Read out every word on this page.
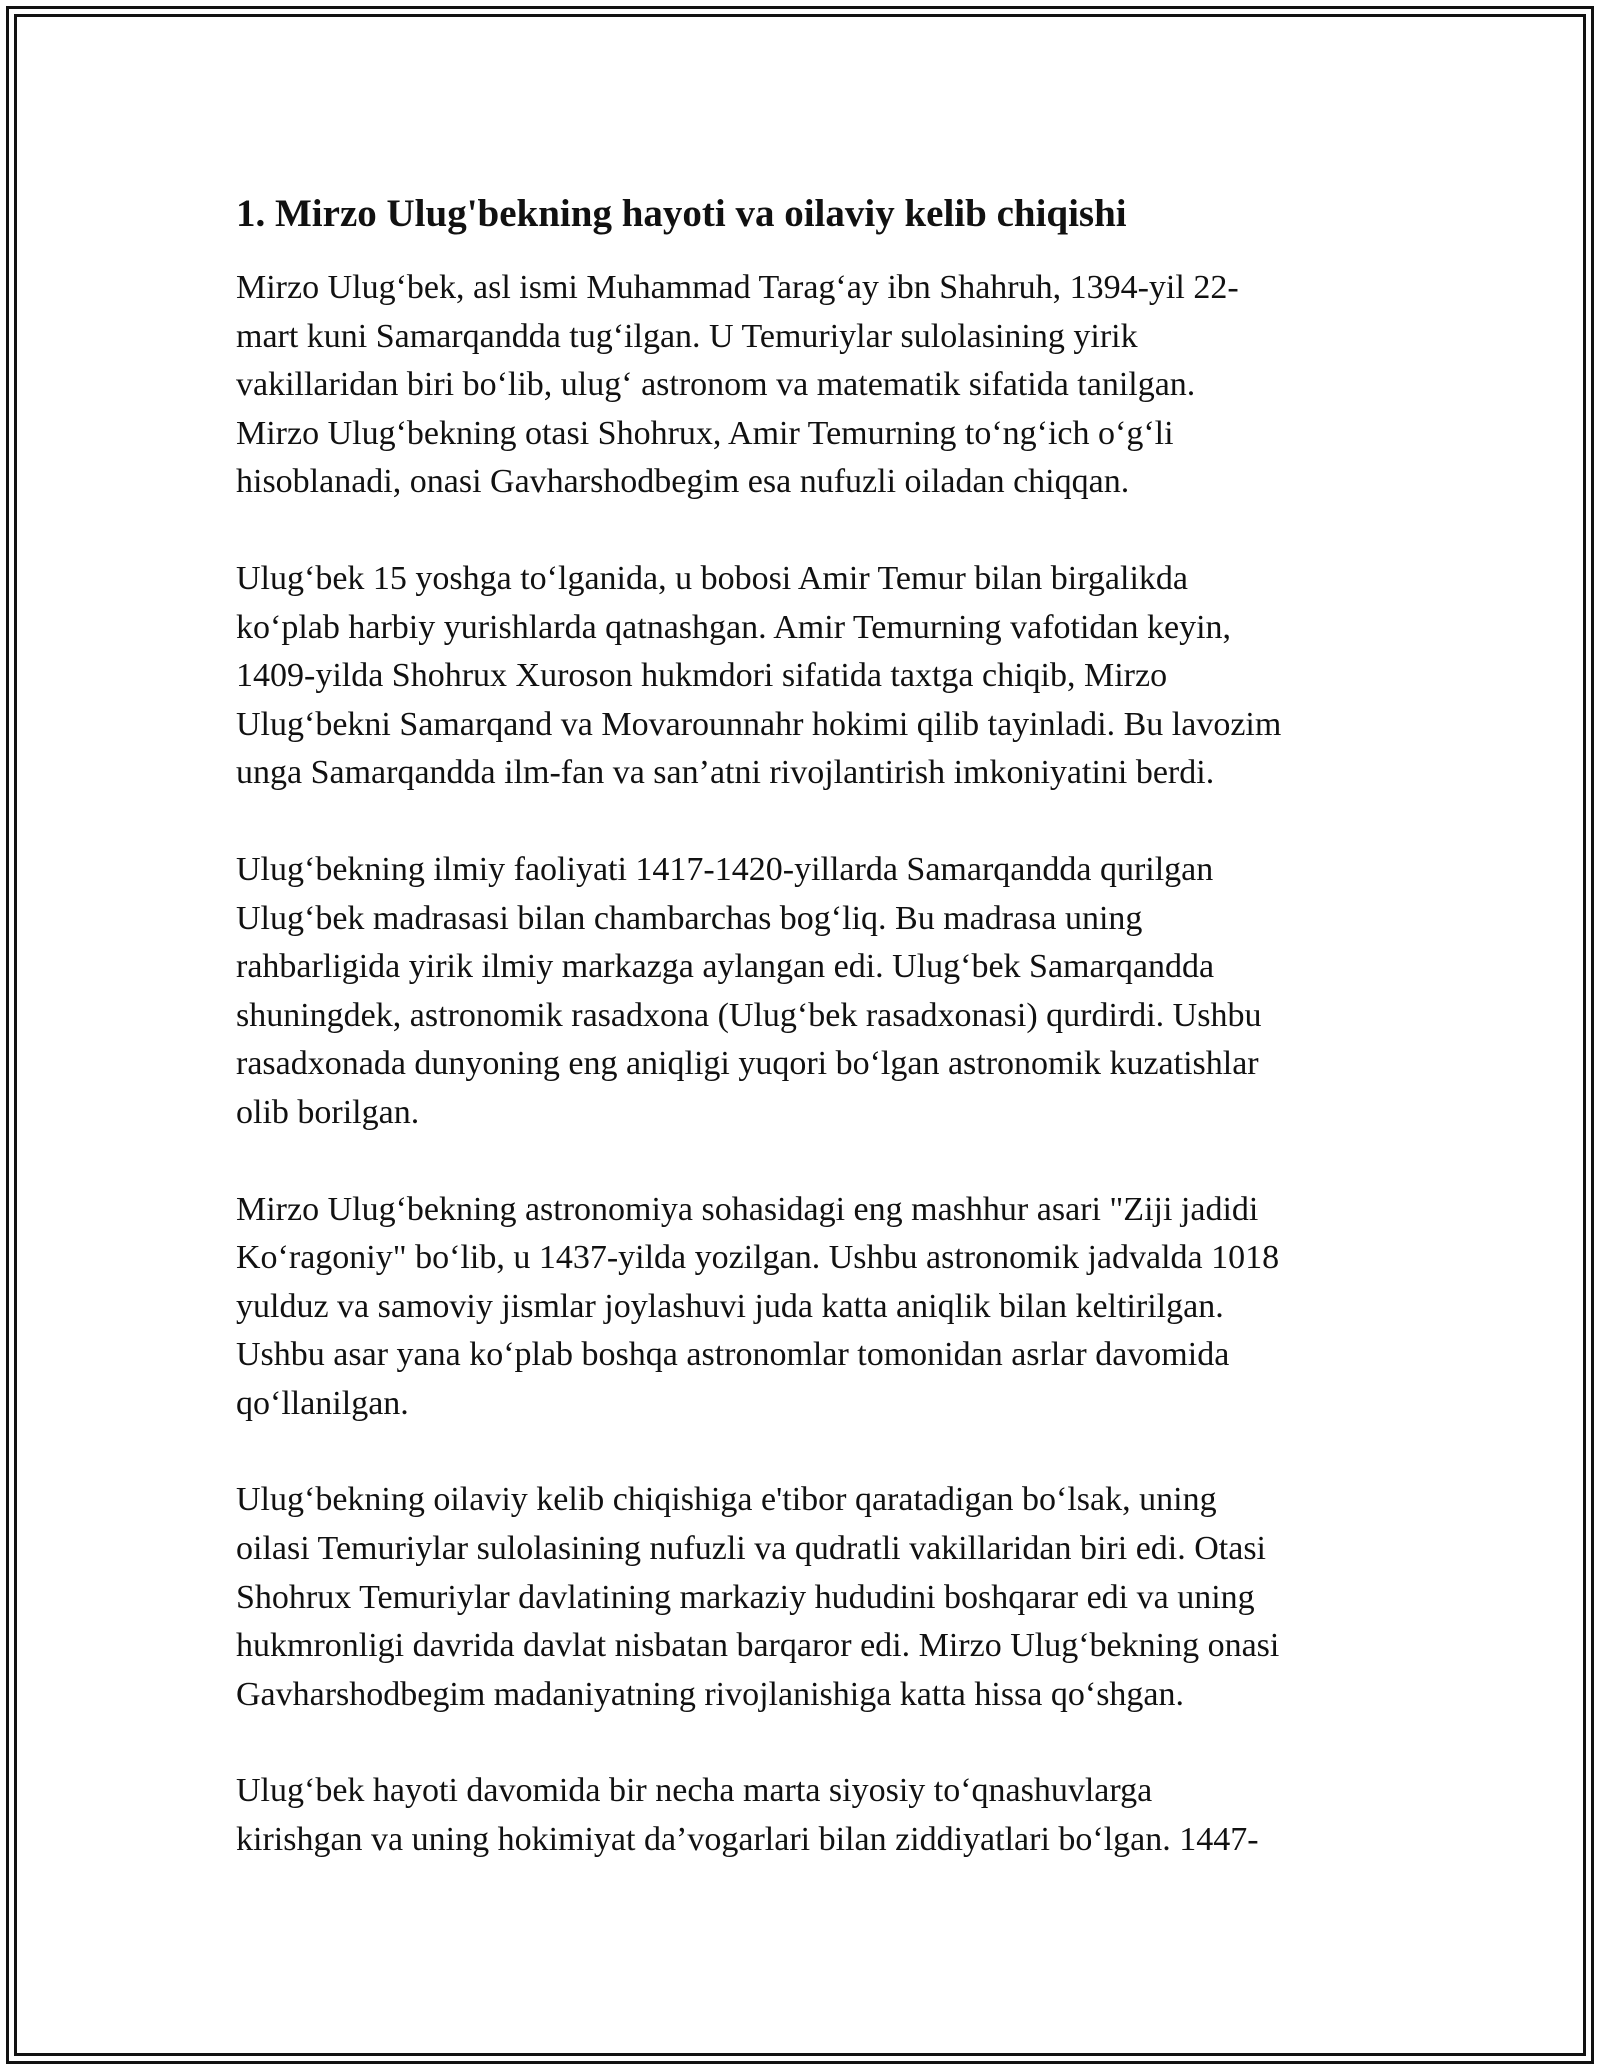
1. Mirzo Ulug'bekning hayoti va oilaviy kelib chiqishi
Mirzo Ulug‘bek, asl ismi Muhammad Tarag‘ay ibn Shahruh, 1394-yil 22-
mart kuni Samarqandda tug‘ilgan. U Temuriylar sulolasining yirik
vakillaridan biri bo‘lib, ulug‘ astronom va matematik sifatida tanilgan.
Mirzo Ulug‘bekning otasi Shohrux, Amir Temurning to‘ng‘ich o‘g‘li
hisoblanadi, onasi Gavharshodbegim esa nufuzli oiladan chiqqan.
Ulug‘bek 15 yoshga to‘lganida, u bobosi Amir Temur bilan birgalikda
ko‘plab harbiy yurishlarda qatnashgan. Amir Temurning vafotidan keyin,
1409-yilda Shohrux Xuroson hukmdori sifatida taxtga chiqib, Mirzo
Ulug‘bekni Samarqand va Movarounnahr hokimi qilib tayinladi. Bu lavozim
unga Samarqandda ilm-fan va san’atni rivojlantirish imkoniyatini berdi.
Ulug‘bekning ilmiy faoliyati 1417-1420-yillarda Samarqandda qurilgan
Ulug‘bek madrasasi bilan chambarchas bog‘liq. Bu madrasa uning
rahbarligida yirik ilmiy markazga aylangan edi. Ulug‘bek Samarqandda
shuningdek, astronomik rasadxona (Ulug‘bek rasadxonasi) qurdirdi. Ushbu
rasadxonada dunyoning eng aniqligi yuqori bo‘lgan astronomik kuzatishlar
olib borilgan.
Mirzo Ulug‘bekning astronomiya sohasidagi eng mashhur asari "Ziji jadidi
Ko‘ragoniy" bo‘lib, u 1437-yilda yozilgan. Ushbu astronomik jadvalda 1018
yulduz va samoviy jismlar joylashuvi juda katta aniqlik bilan keltirilgan.
Ushbu asar yana ko‘plab boshqa astronomlar tomonidan asrlar davomida
qo‘llanilgan.
Ulug‘bekning oilaviy kelib chiqishiga e'tibor qaratadigan bo‘lsak, uning
oilasi Temuriylar sulolasining nufuzli va qudratli vakillaridan biri edi. Otasi
Shohrux Temuriylar davlatining markaziy hududini boshqarar edi va uning
hukmronligi davrida davlat nisbatan barqaror edi. Mirzo Ulug‘bekning onasi
Gavharshodbegim madaniyatning rivojlanishiga katta hissa qo‘shgan.
Ulug‘bek hayoti davomida bir necha marta siyosiy to‘qnashuvlarga
kirishgan va uning hokimiyat da’vogarlari bilan ziddiyatlari bo‘lgan. 1447-
